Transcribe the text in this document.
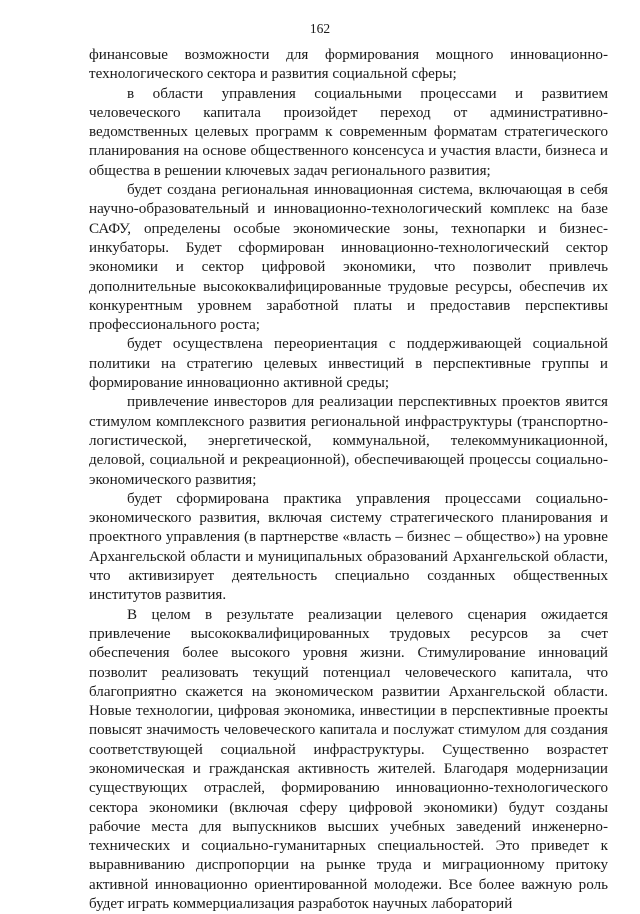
162

финансовые возможности для формирования мощного инновационно-технологического сектора и развития социальной сферы;

в области управления социальными процессами и развитием человеческого капитала произойдет переход от административно-ведомственных целевых программ к современным форматам стратегического планирования на основе общественного консенсуса и участия власти, бизнеса и общества в решении ключевых задач регионального развития;

будет создана региональная инновационная система, включающая в себя научно-образовательный и инновационно-технологический комплекс на базе САФУ, определены особые экономические зоны, технопарки и бизнес-инкубаторы. Будет сформирован инновационно-технологический сектор экономики и сектор цифровой экономики, что позволит привлечь дополнительные высококвалифицированные трудовые ресурсы, обеспечив их конкурентным уровнем заработной платы и предоставив перспективы профессионального роста;

будет осуществлена переориентация с поддерживающей социальной политики на стратегию целевых инвестиций в перспективные группы и формирование инновационно активной среды;

привлечение инвесторов для реализации перспективных проектов явится стимулом комплексного развития региональной инфраструктуры (транспортно-логистической, энергетической, коммунальной, телекоммуникационной, деловой, социальной и рекреационной), обеспечивающей процессы социально-экономического развития;

будет сформирована практика управления процессами социально-экономического развития, включая систему стратегического планирования и проектного управления (в партнерстве «власть – бизнес – общество») на уровне Архангельской области и муниципальных образований Архангельской области, что активизирует деятельность специально созданных общественных институтов развития.

В целом в результате реализации целевого сценария ожидается привлечение высококвалифицированных трудовых ресурсов за счет обеспечения более высокого уровня жизни. Стимулирование инноваций позволит реализовать текущий потенциал человеческого капитала, что благоприятно скажется на экономическом развитии Архангельской области. Новые технологии, цифровая экономика, инвестиции в перспективные проекты повысят значимость человеческого капитала и послужат стимулом для создания соответствующей социальной инфраструктуры. Существенно возрастет экономическая и гражданская активность жителей. Благодаря модернизации существующих отраслей, формированию инновационно-технологического сектора экономики (включая сферу цифровой экономики) будут созданы рабочие места для выпускников высших учебных заведений инженерно-технических и социально-гуманитарных специальностей. Это приведет к выравниванию диспропорции на рынке труда и миграционному притоку активной инновационно ориентированной молодежи. Все более важную роль будет играть коммерциализация разработок научных лабораторий
